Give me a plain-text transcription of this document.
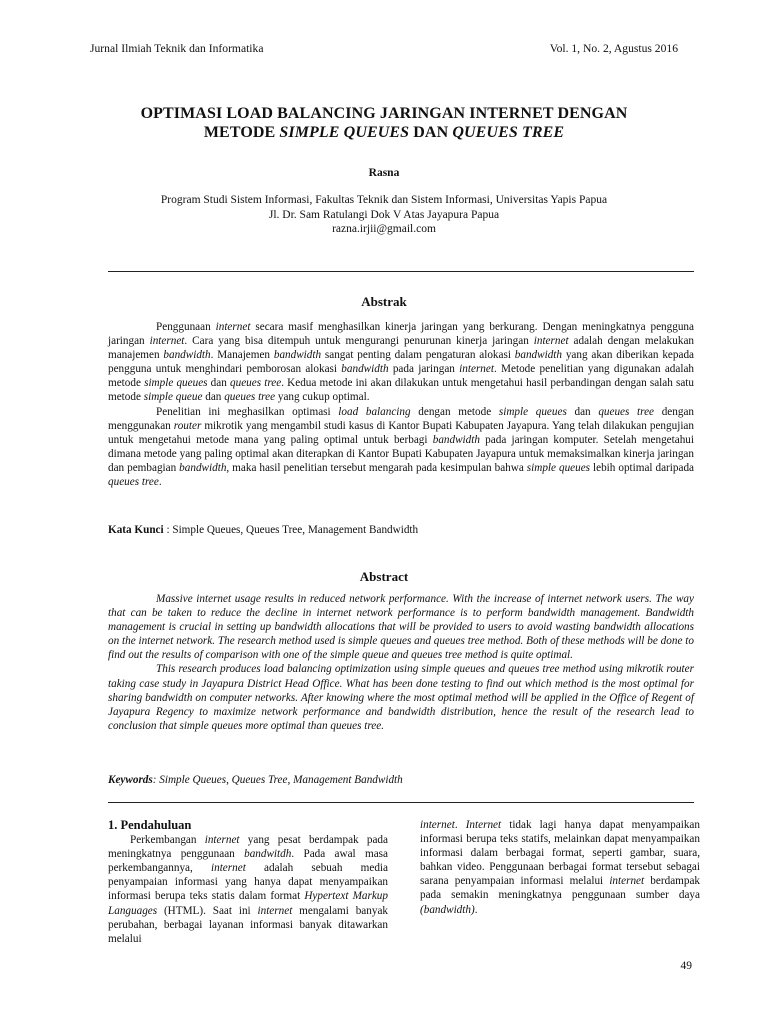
Jurnal Ilmiah Teknik dan Informatika	Vol. 1, No. 2, Agustus 2016
OPTIMASI LOAD BALANCING JARINGAN INTERNET DENGAN
METODE SIMPLE QUEUES DAN QUEUES TREE
Rasna
Program Studi Sistem Informasi, Fakultas Teknik dan Sistem Informasi, Universitas Yapis Papua
Jl. Dr. Sam Ratulangi Dok V Atas Jayapura Papua
razna.irjii@gmail.com
Abstrak

Penggunaan internet secara masif menghasilkan kinerja jaringan yang berkurang. Dengan meningkatnya pengguna jaringan internet. Cara yang bisa ditempuh untuk mengurangi penurunan kinerja jaringan internet adalah dengan melakukan manajemen bandwidth. Manajemen bandwidth sangat penting dalam pengaturan alokasi bandwidth yang akan diberikan kepada pengguna untuk menghindari pemborosan alokasi bandwidth pada jaringan internet. Metode penelitian yang digunakan adalah metode simple queues dan queues tree. Kedua metode ini akan dilakukan untuk mengetahui hasil perbandingan dengan salah satu metode simple queue dan queues tree yang cukup optimal.

Penelitian ini meghasilkan optimasi load balancing dengan metode simple queues dan queues tree dengan menggunakan router mikrotik yang mengambil studi kasus di Kantor Bupati Kabupaten Jayapura. Yang telah dilakukan pengujian untuk mengetahui metode mana yang paling optimal untuk berbagi bandwidth pada jaringan komputer. Setelah mengetahui dimana metode yang paling optimal akan diterapkan di Kantor Bupati Kabupaten Jayapura untuk memaksimalkan kinerja jaringan dan pembagian bandwidth, maka hasil penelitian tersebut mengarah pada kesimpulan bahwa simple queues lebih optimal daripada queues tree.

Kata Kunci : Simple Queues, Queues Tree, Management Bandwidth
Abstract

Massive internet usage results in reduced network performance. With the increase of internet network users. The way that can be taken to reduce the decline in internet network performance is to perform bandwidth management. Bandwidth management is crucial in setting up bandwidth allocations that will be provided to users to avoid wasting bandwidth allocations on the internet network. The research method used is simple queues and queues tree method. Both of these methods will be done to find out the results of comparison with one of the simple queue and queues tree method is quite optimal.

This research produces load balancing optimization using simple queues and queues tree method using mikrotik router taking case study in Jayapura District Head Office. What has been done testing to find out which method is the most optimal for sharing bandwidth on computer networks. After knowing where the most optimal method will be applied in the Office of Regent of Jayapura Regency to maximize network performance and bandwidth distribution, hence the result of the research lead to conclusion that simple queues more optimal than queues tree.

Keywords: Simple Queues, Queues Tree, Management Bandwidth
1. Pendahuluan

Perkembangan internet yang pesat berdampak pada meningkatnya penggunaan bandwitdh. Pada awal masa perkembangannya, internet adalah sebuah media penyampaian informasi yang hanya dapat menyampaikan informasi berupa teks statis dalam format Hypertext Markup Languages (HTML). Saat ini internet mengalami banyak perubahan, berbagai layanan informasi banyak ditawarkan melalui

internet. Internet tidak lagi hanya dapat menyampaikan informasi berupa teks statifs, melainkan dapat menyampaikan informasi dalam berbagai format, seperti gambar, suara, bahkan video. Penggunaan berbagai format tersebut sebagai sarana penyampaian informasi melalui internet berdampak pada semakin meningkatnya penggunaan sumber daya (bandwidth).

49
